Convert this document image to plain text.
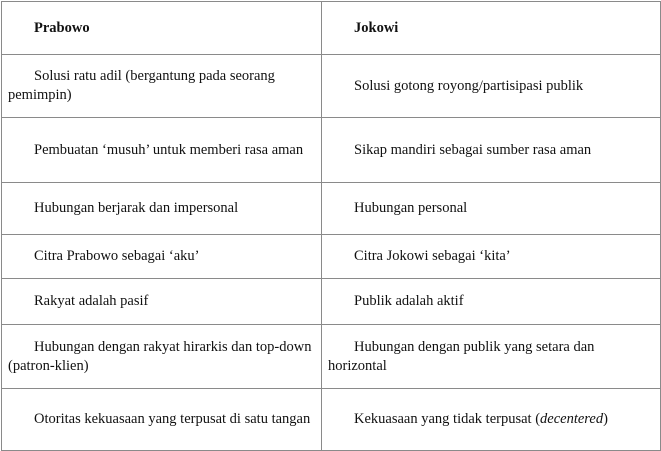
Prabowo	Jokowi

Solusi ratu adil (bergantung pada seorang pemimpin)	Solusi gotong royong/partisipasi publik

Pembuatan ‘musuh’ untuk memberi rasa aman	Sikap mandiri sebagai sumber rasa aman

Hubungan berjarak dan impersonal	Hubungan personal

Citra Prabowo sebagai ‘aku’	Citra Jokowi sebagai ‘kita’

Rakyat adalah pasif	Publik adalah aktif

Hubungan dengan rakyat hirarkis dan top-down (patron-klien)	Hubungan dengan publik yang setara dan horizontal

Otoritas kekuasaan yang terpusat di satu tangan	Kekuasaan yang tidak terpusat (decentered)
